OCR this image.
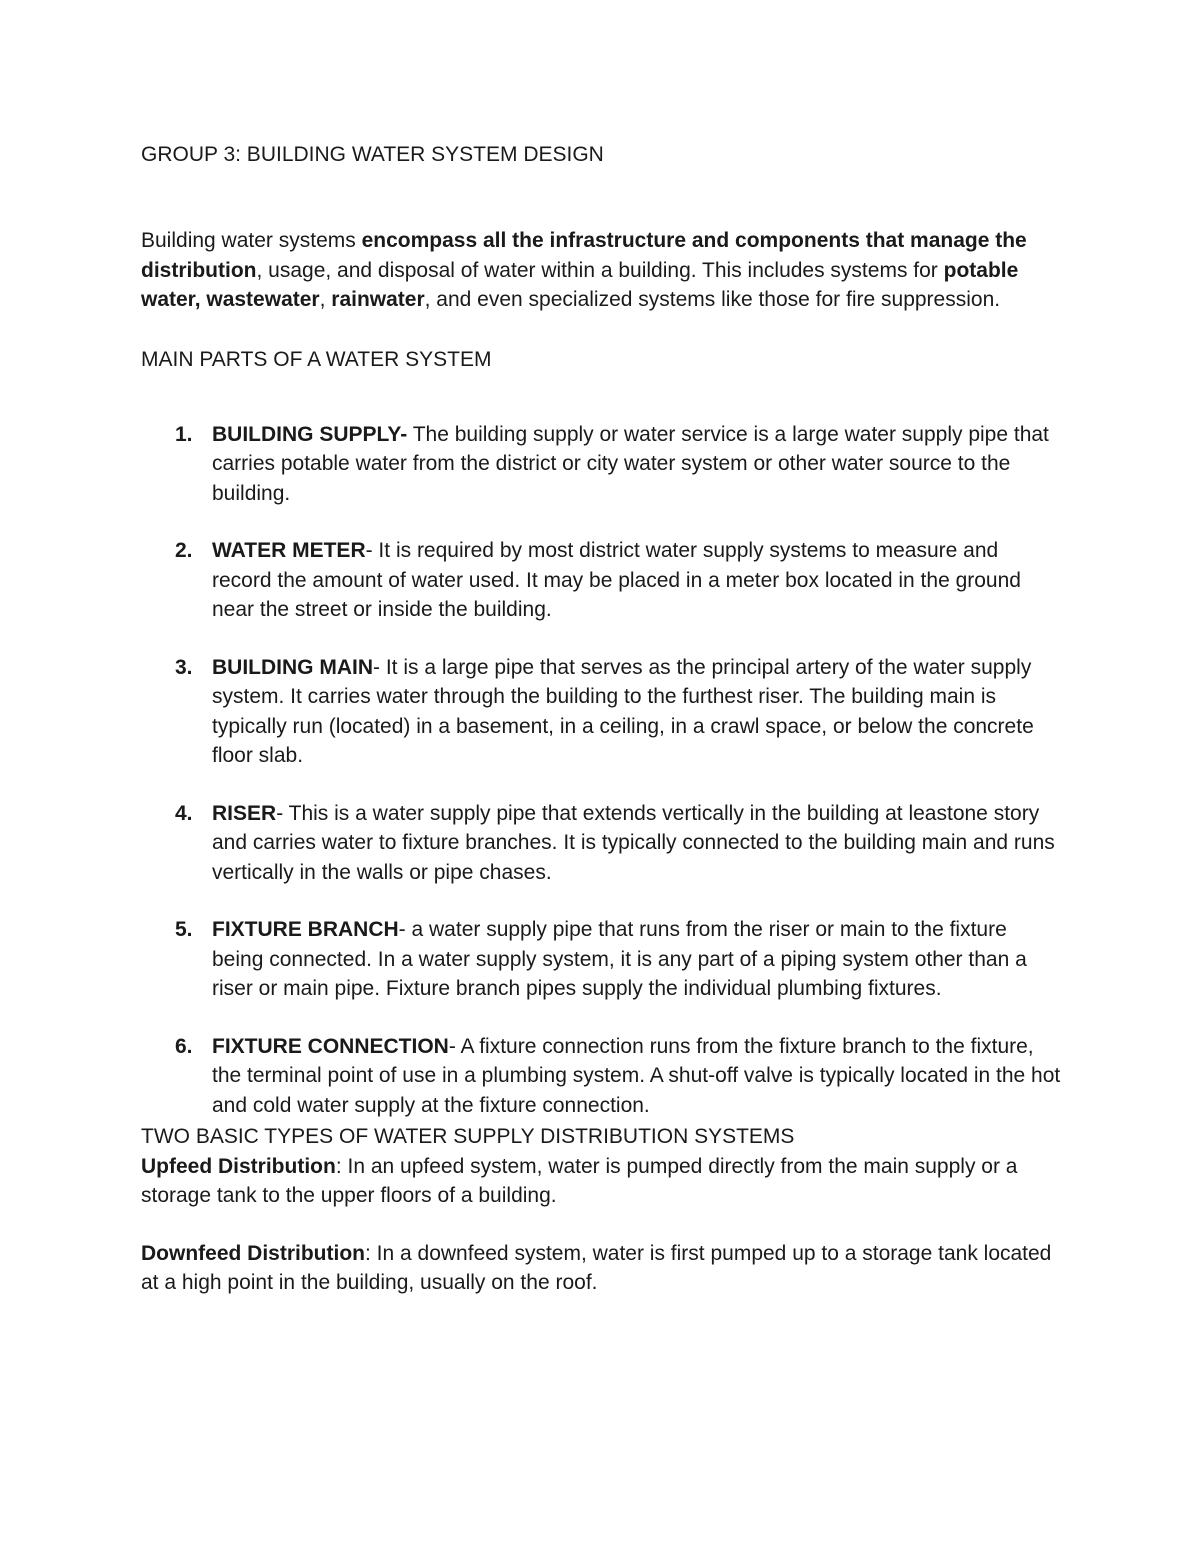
GROUP 3: BUILDING WATER SYSTEM DESIGN

Building water systems encompass all the infrastructure and components that manage the distribution, usage, and disposal of water within a building. This includes systems for potable water, wastewater, rainwater, and even specialized systems like those for fire suppression.

MAIN PARTS OF A WATER SYSTEM
1. BUILDING SUPPLY- The building supply or water service is a large water supply pipe that carries potable water from the district or city water system or other water source to the building.
2. WATER METER- It is required by most district water supply systems to measure and record the amount of water used. It may be placed in a meter box located in the ground near the street or inside the building.
3. BUILDING MAIN- It is a large pipe that serves as the principal artery of the water supply system. It carries water through the building to the furthest riser. The building main is typically run (located) in a basement, in a ceiling, in a crawl space, or below the concrete floor slab.
4. RISER- This is a water supply pipe that extends vertically in the building at leastone story and carries water to fixture branches. It is typically connected to the building main and runs vertically in the walls or pipe chases.
5. FIXTURE BRANCH- a water supply pipe that runs from the riser or main to the fixture being connected. In a water supply system, it is any part of a piping system other than a riser or main pipe. Fixture branch pipes supply the individual plumbing fixtures.
6. FIXTURE CONNECTION- A fixture connection runs from the fixture branch to the fixture, the terminal point of use in a plumbing system. A shut-off valve is typically located in the hot and cold water supply at the fixture connection.

TWO BASIC TYPES OF WATER SUPPLY DISTRIBUTION SYSTEMS

Upfeed Distribution: In an upfeed system, water is pumped directly from the main supply or a storage tank to the upper floors of a building.

Downfeed Distribution: In a downfeed system, water is first pumped up to a storage tank located at a high point in the building, usually on the roof.
